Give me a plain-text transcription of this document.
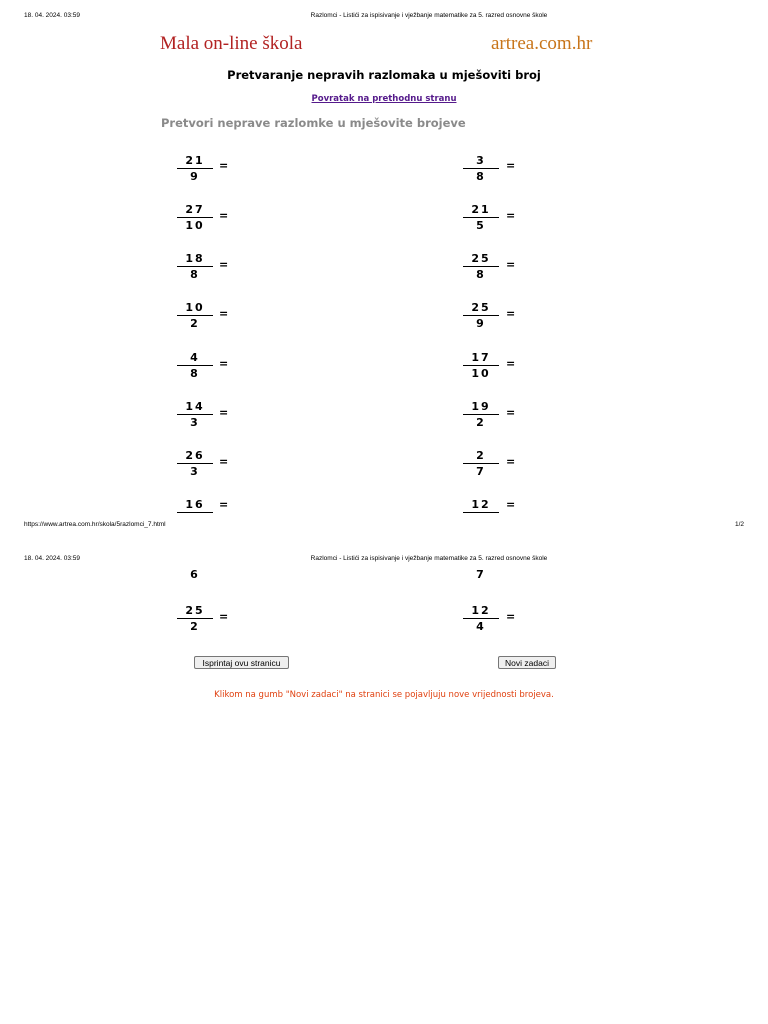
18. 04. 2024. 03:59	Razlomci - Listići za ispisivanje i vježbanje matematike za 5. razred osnovne škole
Mala on-line škola	artrea.com.hr
Pretvaranje nepravih razlomaka u mješoviti broj
Povratak na prethodnu stranu
Pretvori neprave razlomke u mješovite brojeve
21
9
=	3
8
=
27
10
=	21
5
=
18
8
=	25
8
=
10
2
=	25
9
=
4
8
=	17
10
=
14
3
=	19
2
=
26
3
=	2
7
=
16	=	12	=
https://www.artrea.com.hr/skola/5razlomci_7.html	1/2
18. 04. 2024. 03:59	Razlomci - Listići za ispisivanje i vježbanje matematike za 5. razred osnovne škole
6	7
25
2
=	12
4
=
Isprintaj ovu stranicu	Novi zadaci
Klikom na gumb "Novi zadaci" na stranici se pojavljuju nove vrijednosti brojeva.
